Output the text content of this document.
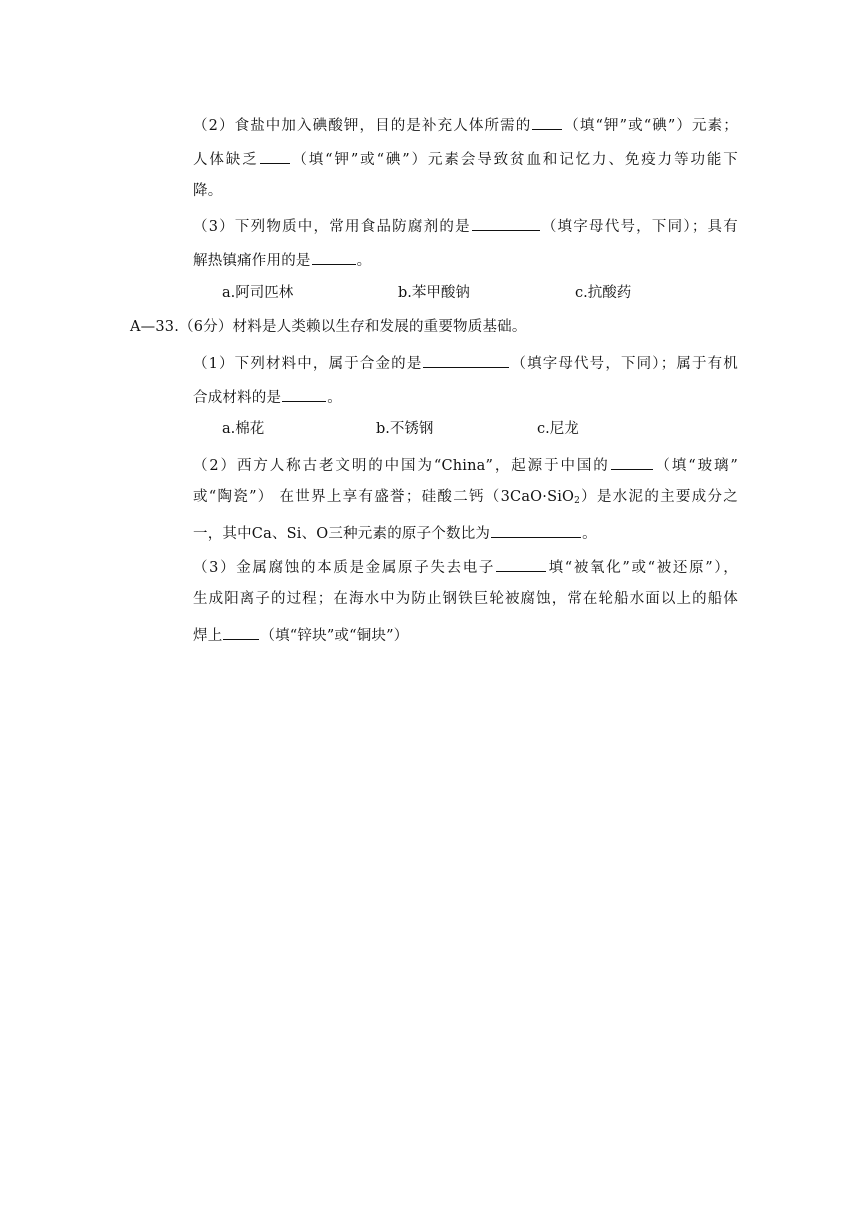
（2）食盐中加入碘酸钾，目的是补充人体所需的 （填“钾”或“碘”）元素；
人体缺乏 （填“钾”或“碘”）元素会导致贫血和记忆力、免疫力等功能下
降。
（3）下列物质中，常用食品防腐剂的是	（填字母代号，下同）；具有
解热镇痛作用的是	。
a.阿司匹林	b.苯甲酸钠	c.抗酸药
A—33.（6分）材料是人类赖以生存和发展的重要物质基础。
（1）下列材料中，属于合金的是	（填字母代号，下同）；属于有机
合成材料的是	。
a.棉花	b.不锈钢	c.尼龙
（2）西方人称古老文明的中国为“China”，起源于中国的	（填“玻璃”
或“陶瓷”） 在世界上享有盛誉；硅酸二钙（3CaO·SiO$_2$）是水泥的主要成分之
一，其中Ca、Si、O三种元素的原子个数比为	。
（3）金属腐蚀的本质是金属原子失去电子	填“被氧化”或“被还原”），
生成阳离子的过程；在海水中为防止钢铁巨轮被腐蚀，常在轮船水面以上的船体
焊上	（填“锌块”或“铜块”）
